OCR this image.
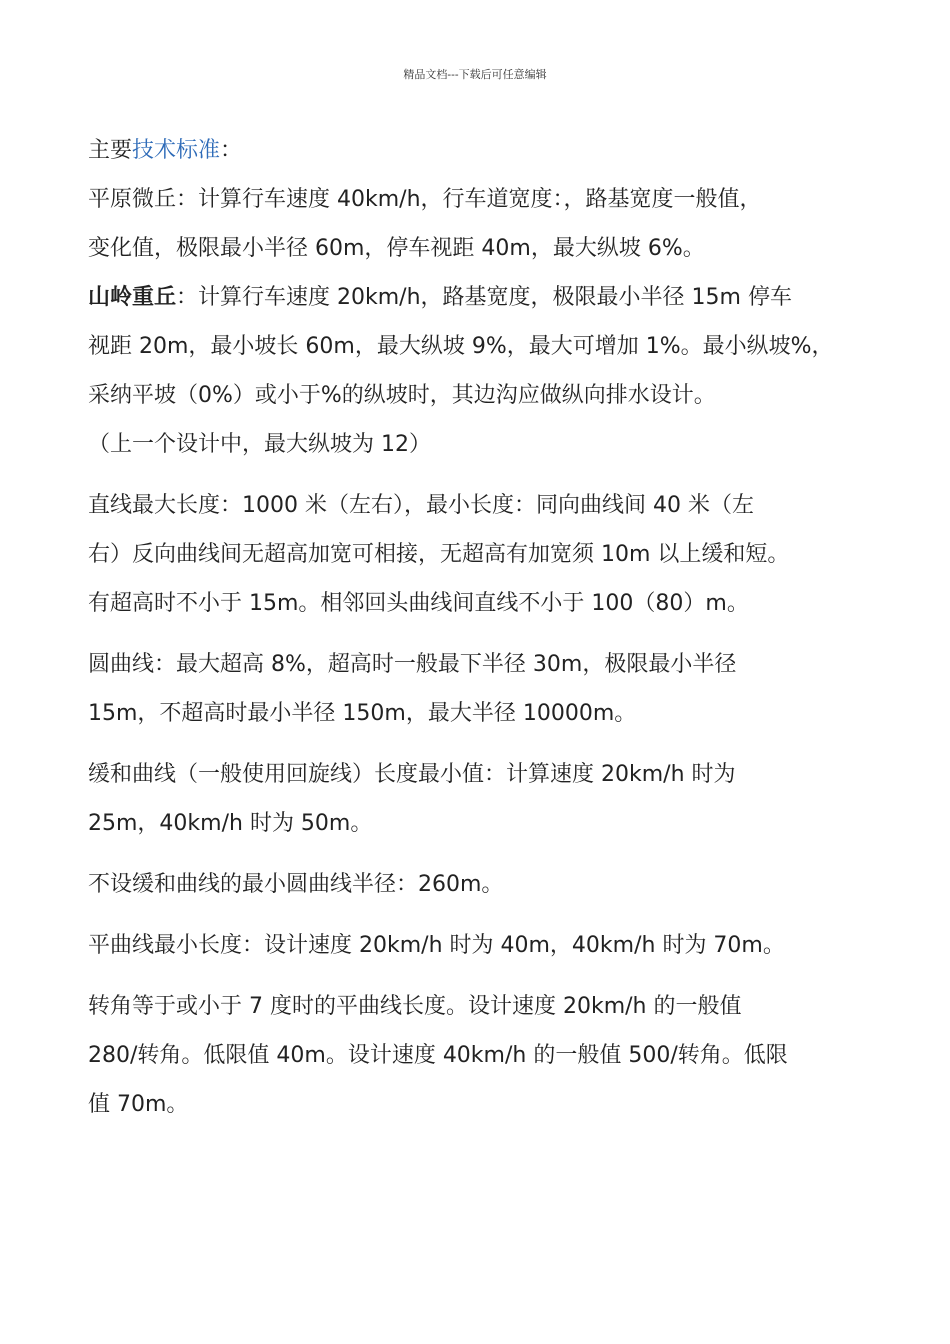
精品文档---下载后可任意编辑
主要技术标准：
平原微丘：计算行车速度 40km/h，行车道宽度：，路基宽度一般值，
变化值，极限最小半径 60m，停车视距 40m，最大纵坡 6%。
山岭重丘：计算行车速度 20km/h，路基宽度，极限最小半径 15m 停车
视距 20m，最小坡长 60m，最大纵坡 9%，最大可增加 1%。最小纵坡%，
采纳平坡（0%）或小于%的纵坡时，其边沟应做纵向排水设计。
（上一个设计中，最大纵坡为 12）
直线最大长度：1000 米（左右），最小长度：同向曲线间 40 米（左
右）反向曲线间无超高加宽可相接，无超高有加宽须 10m 以上缓和短。
有超高时不小于 15m。相邻回头曲线间直线不小于 100（80）m。
圆曲线：最大超高 8%，超高时一般最下半径 30m，极限最小半径
15m，不超高时最小半径 150m，最大半径 10000m。
缓和曲线（一般使用回旋线）长度最小值：计算速度 20km/h 时为
25m，40km/h 时为 50m。
不设缓和曲线的最小圆曲线半径：260m。
平曲线最小长度：设计速度 20km/h 时为 40m，40km/h 时为 70m。
转角等于或小于 7 度时的平曲线长度。设计速度 20km/h 的一般值
280/转角。低限值 40m。设计速度 40km/h 的一般值 500/转角。低限
值 70m。
